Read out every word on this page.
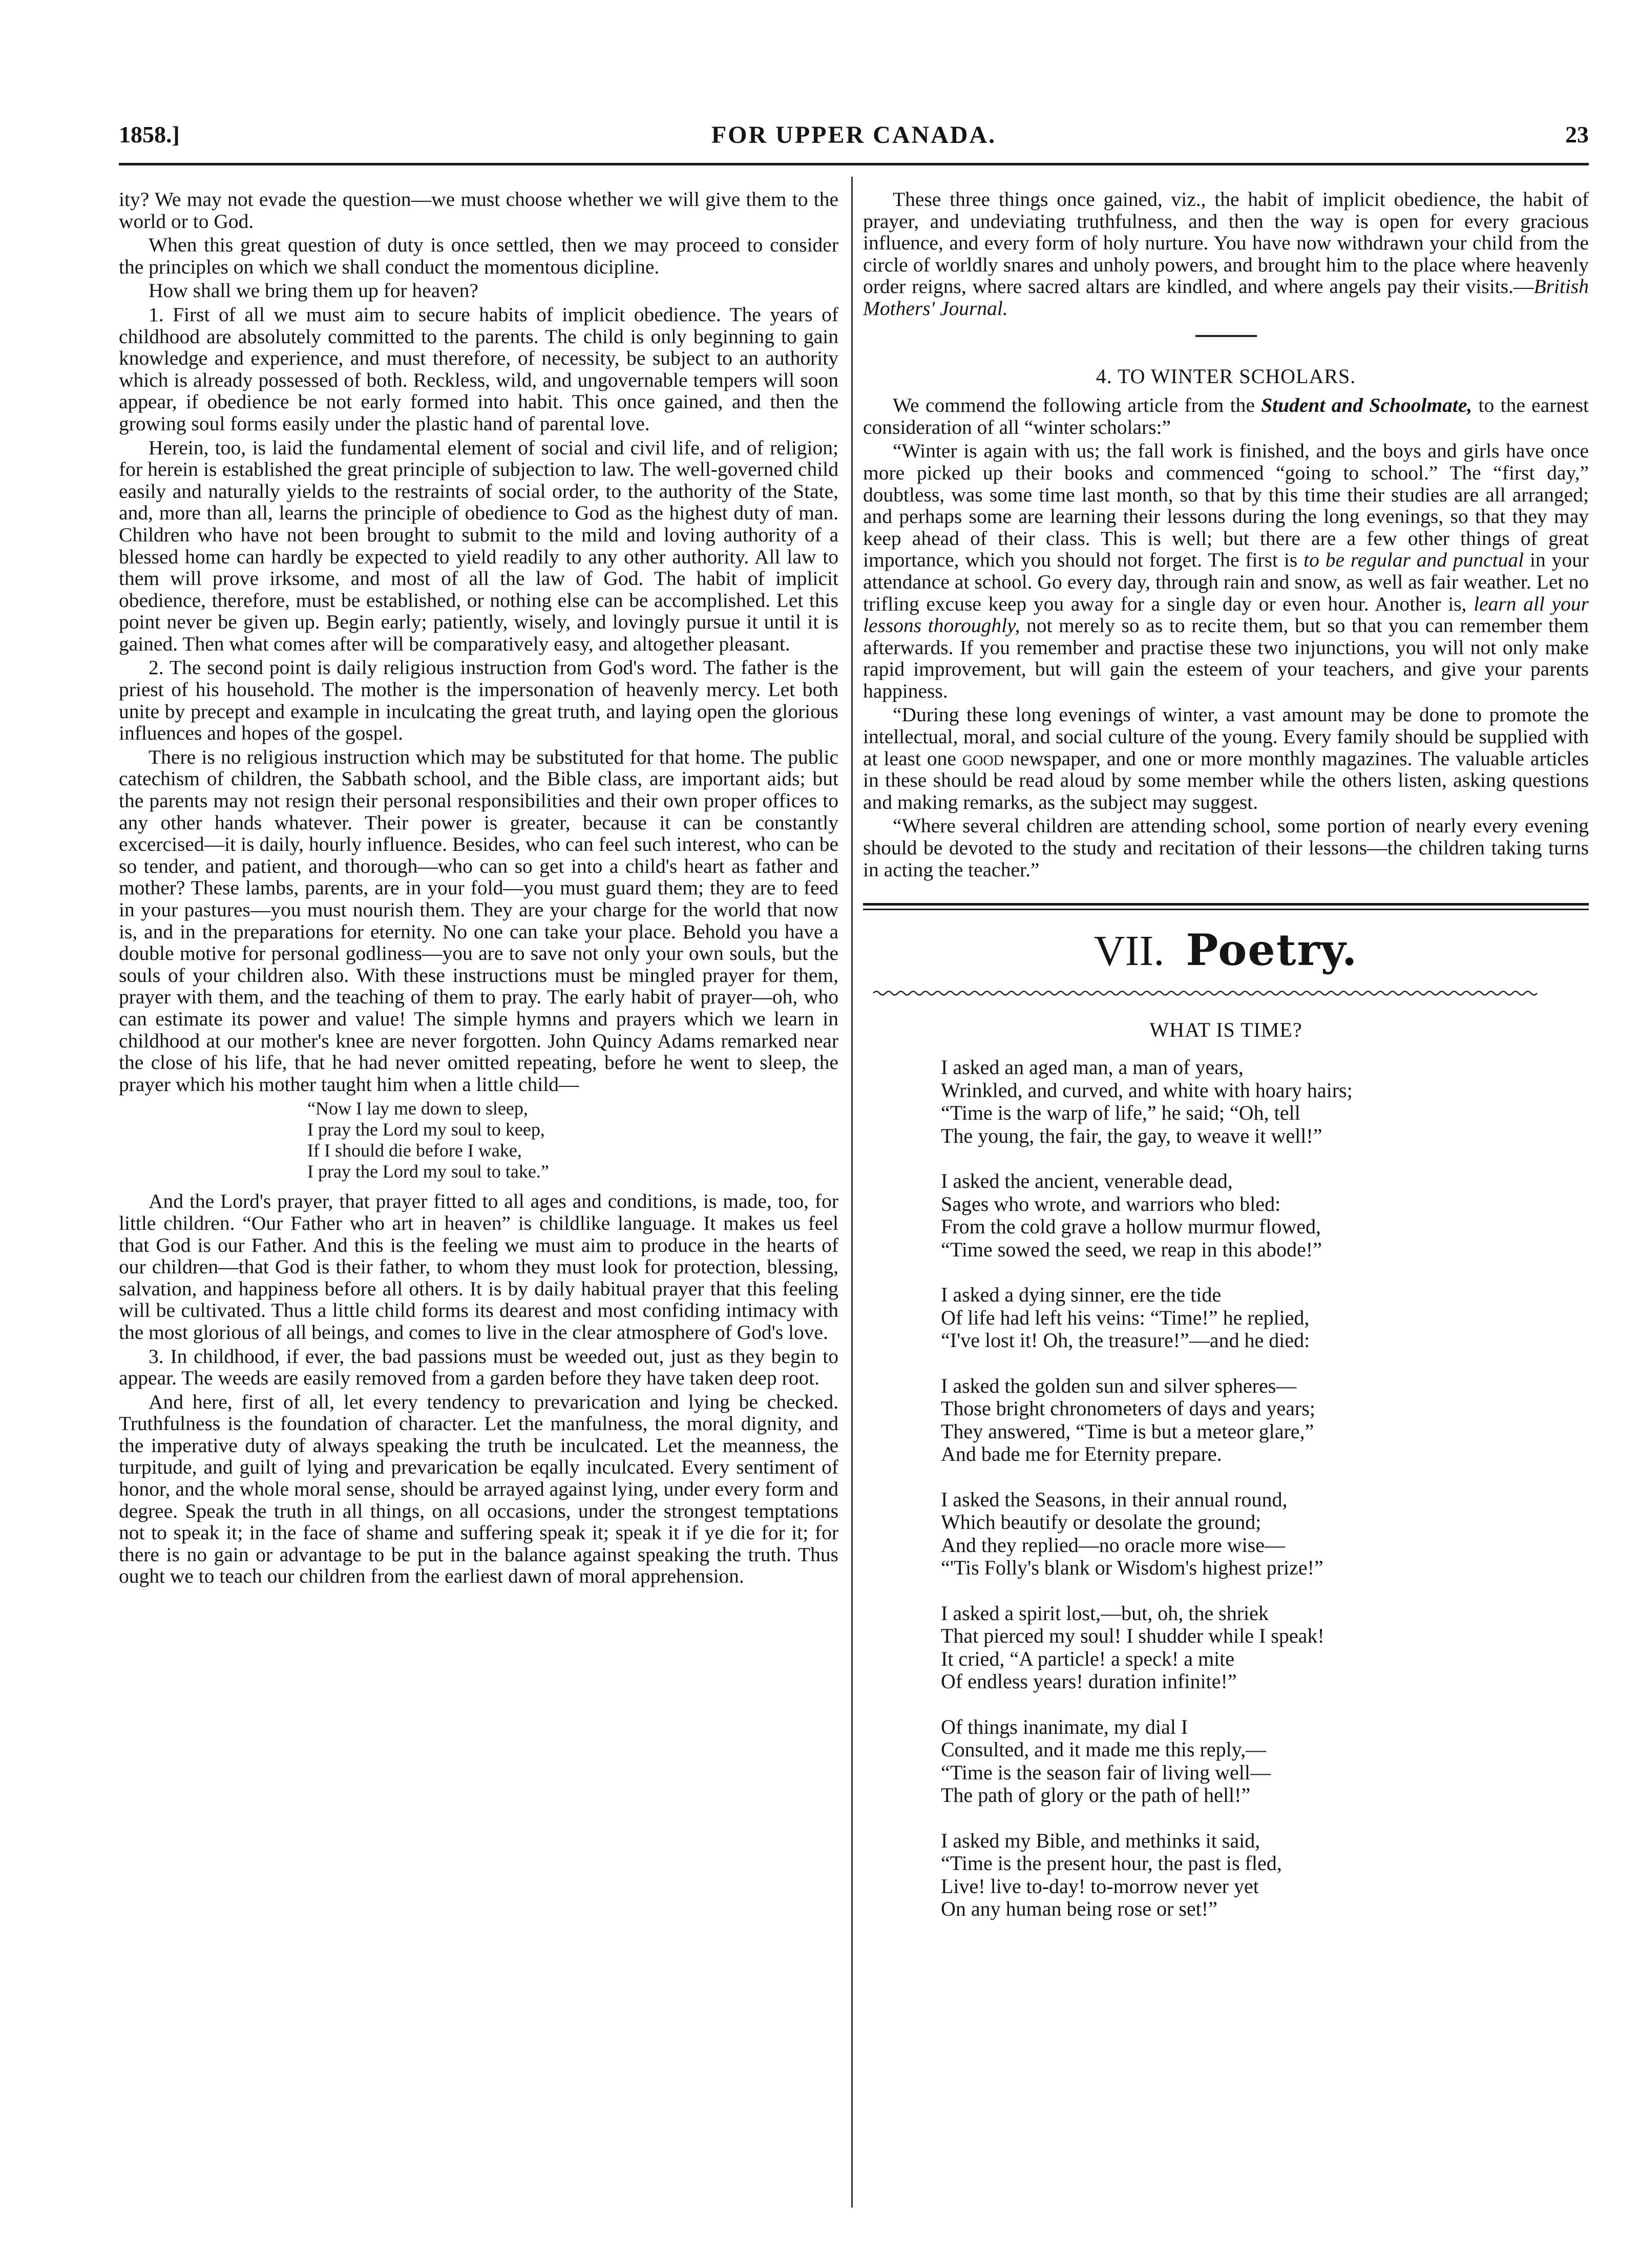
1858.]	FOR UPPER CANADA.	23

ity? We may not evade the question—we must choose whether we will give them to the world or to God.

When this great question of duty is once settled, then we may proceed to consider the principles on which we shall conduct the momentous dicipline.

How shall we bring them up for heaven?

1. First of all we must aim to secure habits of implicit obedience. The years of childhood are absolutely committed to the parents. The child is only beginning to gain knowledge and experience, and must therefore, of necessity, be subject to an authority which is already possessed of both. Reckless, wild, and ungovernable tempers will soon appear, if obedience be not early formed into habit. This once gained, and then the growing soul forms easily under the plastic hand of parental love.

Herein, too, is laid the fundamental element of social and civil life, and of religion; for herein is established the great principle of subjection to law. The well-governed child easily and naturally yields to the restraints of social order, to the authority of the State, and, more than all, learns the principle of obedience to God as the highest duty of man. Children who have not been brought to submit to the mild and loving authority of a blessed home can hardly be expected to yield readily to any other authority. All law to them will prove irksome, and most of all the law of God. The habit of implicit obedience, therefore, must be established, or nothing else can be accomplished. Let this point never be given up. Begin early; patiently, wisely, and lovingly pursue it until it is gained. Then what comes after will be comparatively easy, and altogether pleasant.

2. The second point is daily religious instruction from God's word. The father is the priest of his household. The mother is the impersonation of heavenly mercy. Let both unite by precept and example in inculcating the great truth, and laying open the glorious influences and hopes of the gospel.

There is no religious instruction which may be substituted for that home. The public catechism of children, the Sabbath school, and the Bible class, are important aids; but the parents may not resign their personal responsibilities and their own proper offices to any other hands whatever. Their power is greater, because it can be constantly excercised—it is daily, hourly influence. Besides, who can feel such interest, who can be so tender, and patient, and thorough—who can so get into a child's heart as father and mother? These lambs, parents, are in your fold—you must guard them; they are to feed in your pastures—you must nourish them. They are your charge for the world that now is, and in the preparations for eternity. No one can take your place. Behold you have a double motive for personal godliness—you are to save not only your own souls, but the souls of your children also. With these instructions must be mingled prayer for them, prayer with them, and the teaching of them to pray. The early habit of prayer—oh, who can estimate its power and value! The simple hymns and prayers which we learn in childhood at our mother's knee are never forgotten. John Quincy Adams remarked near the close of his life, that he had never omitted repeating, before he went to sleep, the prayer which his mother taught him when a little child—

“Now I lay me down to sleep,
I pray the Lord my soul to keep,
If I should die before I wake,
I pray the Lord my soul to take.”

And the Lord's prayer, that prayer fitted to all ages and conditions, is made, too, for little children. “Our Father who art in heaven” is childlike language. It makes us feel that God is our Father. And this is the feeling we must aim to produce in the hearts of our children—that God is their father, to whom they must look for protection, blessing, salvation, and happiness before all others. It is by daily habitual prayer that this feeling will be cultivated. Thus a little child forms its dearest and most confiding intimacy with the most glorious of all beings, and comes to live in the clear atmosphere of God's love.

3. In childhood, if ever, the bad passions must be weeded out, just as they begin to appear. The weeds are easily removed from a garden before they have taken deep root.

And here, first of all, let every tendency to prevarication and lying be checked. Truthfulness is the foundation of character. Let the manfulness, the moral dignity, and the imperative duty of always speaking the truth be inculcated. Let the meanness, the turpitude, and guilt of lying and prevarication be eqally inculcated. Every sentiment of honor, and the whole moral sense, should be arrayed against lying, under every form and degree. Speak the truth in all things, on all occasions, under the strongest temptations not to speak it; in the face of shame and suffering speak it; speak it if ye die for it; for there is no gain or advantage to be put in the balance against speaking the truth. Thus ought we to teach our children from the earliest dawn of moral apprehension.

These three things once gained, viz., the habit of implicit obedience, the habit of prayer, and undeviating truthfulness, and then the way is open for every gracious influence, and every form of holy nurture. You have now withdrawn your child from the circle of worldly snares and unholy powers, and brought him to the place where heavenly order reigns, where sacred altars are kindled, and where angels pay their visits.—British Mothers' Journal.

4. TO WINTER SCHOLARS.

We commend the following article from the Student and Schoolmate, to the earnest consideration of all “winter scholars:”

“Winter is again with us; the fall work is finished, and the boys and girls have once more picked up their books and commenced “going to school.” The “first day,” doubtless, was some time last month, so that by this time their studies are all arranged; and perhaps some are learning their lessons during the long evenings, so that they may keep ahead of their class. This is well; but there are a few other things of great importance, which you should not forget. The first is to be regular and punctual in your attendance at school. Go every day, through rain and snow, as well as fair weather. Let no trifling excuse keep you away for a single day or even hour. Another is, learn all your lessons thoroughly, not merely so as to recite them, but so that you can remember them afterwards. If you remember and practise these two injunctions, you will not only make rapid improvement, but will gain the esteem of your teachers, and give your parents happiness.

“During these long evenings of winter, a vast amount may be done to promote the intellectual, moral, and social culture of the young. Every family should be supplied with at least one good newspaper, and one or more monthly magazines. The valuable articles in these should be read aloud by some member while the others listen, asking questions and making remarks, as the subject may suggest.

“Where several children are attending school, some portion of nearly every evening should be devoted to the study and recitation of their lessons—the children taking turns in acting the teacher.”

VII. Poetry.
WHAT IS TIME?
I asked an aged man, a man of years,
Wrinkled, and curved, and white with hoary hairs;
“Time is the warp of life,” he said; “Oh, tell
The young, the fair, the gay, to weave it well!”
I asked the ancient, venerable dead,
Sages who wrote, and warriors who bled:
From the cold grave a hollow murmur flowed,
“Time sowed the seed, we reap in this abode!”
I asked a dying sinner, ere the tide
Of life had left his veins: “Time!” he replied,
“I've lost it! Oh, the treasure!”—and he died:
I asked the golden sun and silver spheres—
Those bright chronometers of days and years;
They answered, “Time is but a meteor glare,”
And bade me for Eternity prepare.
I asked the Seasons, in their annual round,
Which beautify or desolate the ground;
And they replied—no oracle more wise—
“'Tis Folly's blank or Wisdom's highest prize!”
I asked a spirit lost,—but, oh, the shriek
That pierced my soul! I shudder while I speak!
It cried, “A particle! a speck! a mite
Of endless years! duration infinite!”
Of things inanimate, my dial I
Consulted, and it made me this reply,—
“Time is the season fair of living well—
The path of glory or the path of hell!”
I asked my Bible, and methinks it said,
“Time is the present hour, the past is fled,
Live! live to-day! to-morrow never yet
On any human being rose or set!”
